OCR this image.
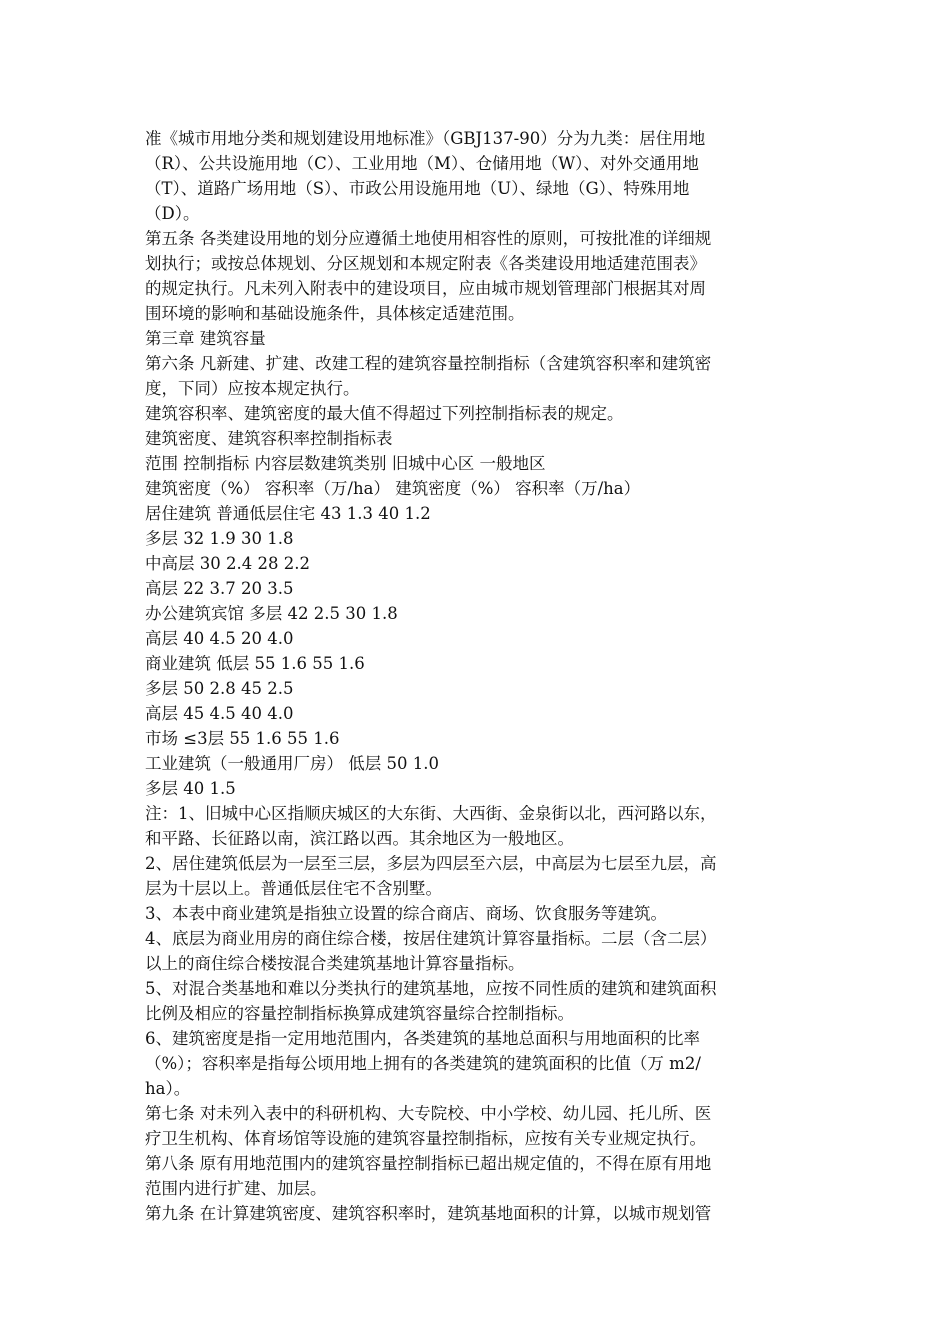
准《城市用地分类和规划建设用地标准》（GBJ137-90）分为九类：居住用地
（R）、公共设施用地（C）、工业用地（M）、仓储用地（W）、对外交通用地
（T）、道路广场用地（S）、市政公用设施用地（U）、绿地（G）、特殊用地
（D）。
第五条 各类建设用地的划分应遵循土地使用相容性的原则，可按批准的详细规
划执行；或按总体规划、分区规划和本规定附表《各类建设用地适建范围表》
的规定执行。凡未列入附表中的建设项目，应由城市规划管理部门根据其对周
围环境的影响和基础设施条件，具体核定适建范围。
第三章 建筑容量
第六条 凡新建、扩建、改建工程的建筑容量控制指标（含建筑容积率和建筑密
度，下同）应按本规定执行。
建筑容积率、建筑密度的最大值不得超过下列控制指标表的规定。
建筑密度、建筑容积率控制指标表
范围 控制指标 内容层数建筑类别 旧城中心区 一般地区
建筑密度（%） 容积率（万/ha） 建筑密度（%） 容积率（万/ha）
居住建筑 普通低层住宅 43 1.3 40 1.2
多层 32 1.9 30 1.8
中高层 30 2.4 28 2.2
高层 22 3.7 20 3.5
办公建筑宾馆 多层 42 2.5 30 1.8
高层 40 4.5 20 4.0
商业建筑 低层 55 1.6 55 1.6
多层 50 2.8 45 2.5
高层 45 4.5 40 4.0
市场 ≤3层 55 1.6 55 1.6
工业建筑（一般通用厂房） 低层 50 1.0
多层 40 1.5
注：1、旧城中心区指顺庆城区的大东街、大西街、金泉街以北，西河路以东，
和平路、长征路以南，滨江路以西。其余地区为一般地区。
2、居住建筑低层为一层至三层，多层为四层至六层，中高层为七层至九层，高
层为十层以上。普通低层住宅不含别墅。
3、本表中商业建筑是指独立设置的综合商店、商场、饮食服务等建筑。
4、底层为商业用房的商住综合楼，按居住建筑计算容量指标。二层（含二层）
以上的商住综合楼按混合类建筑基地计算容量指标。
5、对混合类基地和难以分类执行的建筑基地，应按不同性质的建筑和建筑面积
比例及相应的容量控制指标换算成建筑容量综合控制指标。
6、建筑密度是指一定用地范围内，各类建筑的基地总面积与用地面积的比率
（%）；容积率是指每公顷用地上拥有的各类建筑的建筑面积的比值（万 m2/
ha）。
第七条 对未列入表中的科研机构、大专院校、中小学校、幼儿园、托儿所、医
疗卫生机构、体育场馆等设施的建筑容量控制指标，应按有关专业规定执行。
第八条 原有用地范围内的建筑容量控制指标已超出规定值的，不得在原有用地
范围内进行扩建、加层。
第九条 在计算建筑密度、建筑容积率时，建筑基地面积的计算，以城市规划管
